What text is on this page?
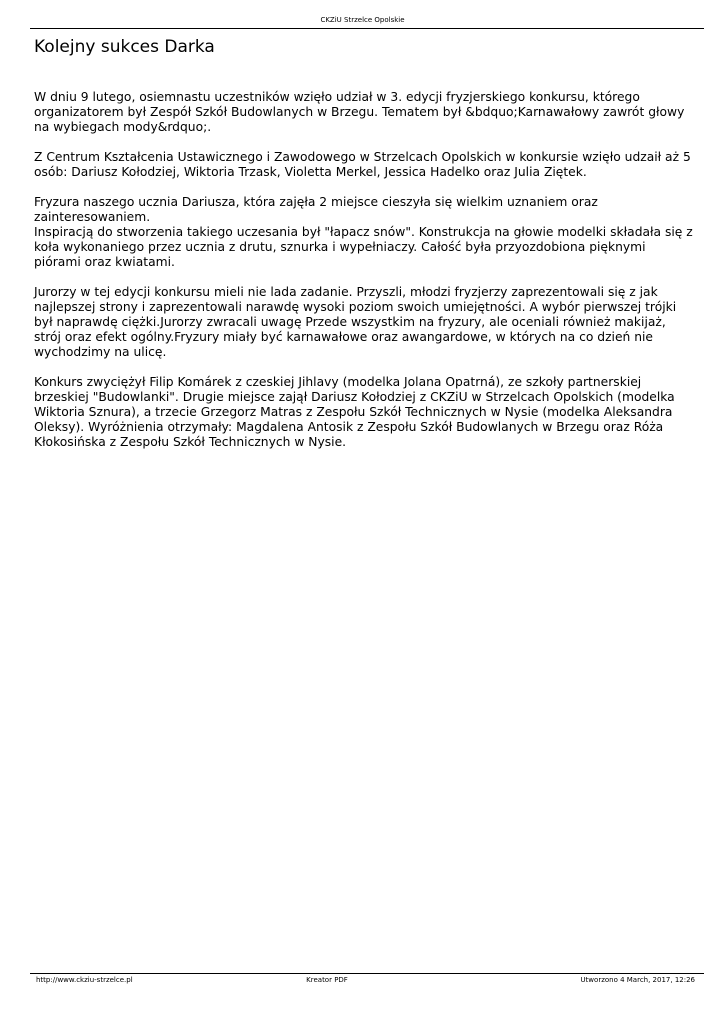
CKZiU Strzelce Opolskie
Kolejny sukces Darka

W dniu 9 lutego, osiemnastu uczestników wzięło udział w 3. edycji fryzjerskiego konkursu, którego organizatorem był Zespół Szkół Budowlanych w Brzegu. Tematem był &bdquo;Karnawałowy zawrót głowy na wybiegach mody&rdquo;.

Z Centrum Kształcenia Ustawicznego i Zawodowego w Strzelcach Opolskich w konkursie wzięło udzaił aż 5 osób: Dariusz Kołodziej, Wiktoria Trzask, Violetta Merkel, Jessica Hadelko oraz Julia Ziętek.

Fryzura naszego ucznia Dariusza, która zajęła 2 miejsce cieszyła się wielkim uznaniem oraz zainteresowaniem.
Inspiracją do stworzenia takiego uczesania był "łapacz snów". Konstrukcja na głowie modelki składała się z koła wykonaniego przez ucznia z drutu, sznurka i wypełniaczy. Całość była przyozdobiona pięknymi piórami oraz kwiatami.

Jurorzy w tej edycji konkursu mieli nie lada zadanie. Przyszli, młodzi fryzjerzy zaprezentowali się z jak najlepszej strony i zaprezentowali narawdę wysoki poziom swoich umiejętności. A wybór pierwszej trójki był naprawdę ciężki.Jurorzy zwracali uwagę Przede wszystkim na fryzury, ale oceniali również makijaż, strój oraz efekt ogólny.Fryzury miały być karnawałowe oraz awangardowe, w których na co dzień nie wychodzimy na ulicę.

Konkurs zwyciężył Filip Komárek z czeskiej Jihlavy (modelka Jolana Opatrná), ze szkoły partnerskiej brzeskiej "Budowlanki". Drugie miejsce zajął Dariusz Kołodziej z CKZiU w Strzelcach Opolskich (modelka Wiktoria Sznura), a trzecie Grzegorz Matras z Zespołu Szkół Technicznych w Nysie (modelka Aleksandra Oleksy). Wyróżnienia otrzymały: Magdalena Antosik z Zespołu Szkół Budowlanych w Brzegu oraz Róża Kłokosińska z Zespołu Szkół Technicznych w Nysie.

http://www.ckziu-strzelce.pl	Kreator PDF	Utworzono 4 March, 2017, 12:26
